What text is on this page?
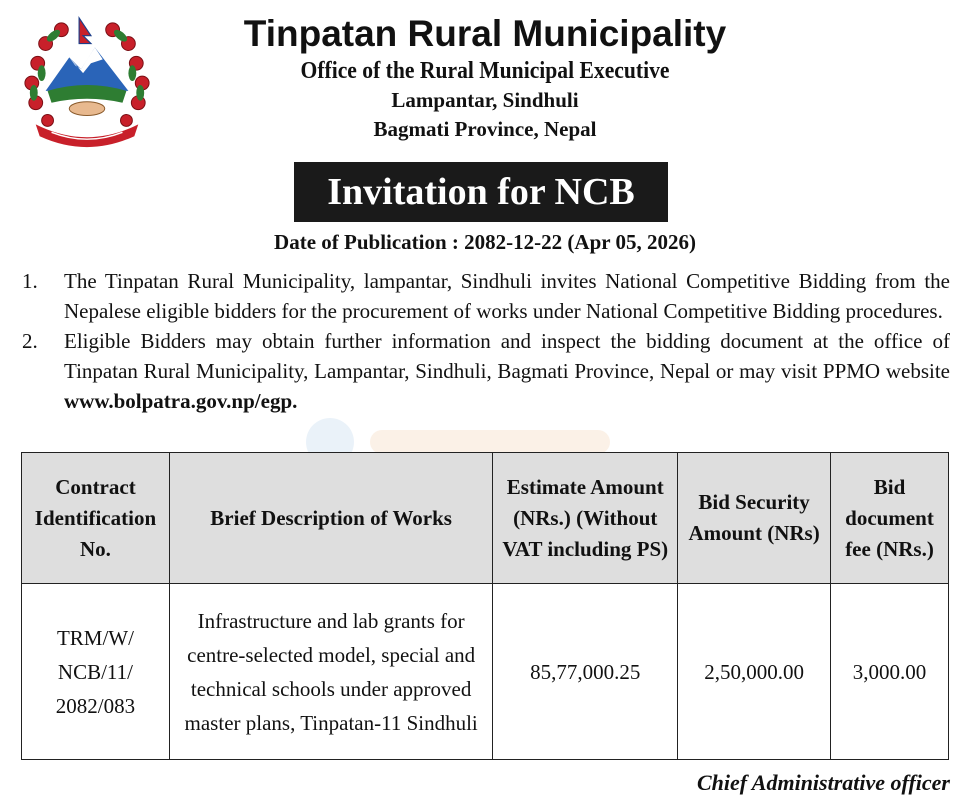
Tinpatan Rural Municipality
Office of the Rural Municipal Executive
Lampantar, Sindhuli
Bagmati Province, Nepal
Invitation for NCB
Date of Publication : 2082-12-22 (Apr 05, 2026)
1.	The Tinpatan Rural Municipality, lampantar, Sindhuli invites National Competitive Bidding from the Nepalese eligible bidders for the procurement of works under National Competitive Bidding procedures.
2.	Eligible Bidders may obtain further information and inspect the bidding document at the office of Tinpatan Rural Municipality, Lampantar, Sindhuli, Bagmati Province, Nepal or may visit PPMO website www.bolpatra.gov.np/egp.
Contract Identification No.	Brief Description of Works	Estimate Amount (NRs.) (Without VAT including PS)	Bid Security Amount (NRs)	Bid document fee (NRs.)
TRM/W/ NCB/11/ 2082/083	Infrastructure and lab grants for centre-selected model, special and technical schools under approved master plans, Tinpatan-11 Sindhuli	85,77,000.25	2,50,000.00	3,000.00
Chief Administrative officer
